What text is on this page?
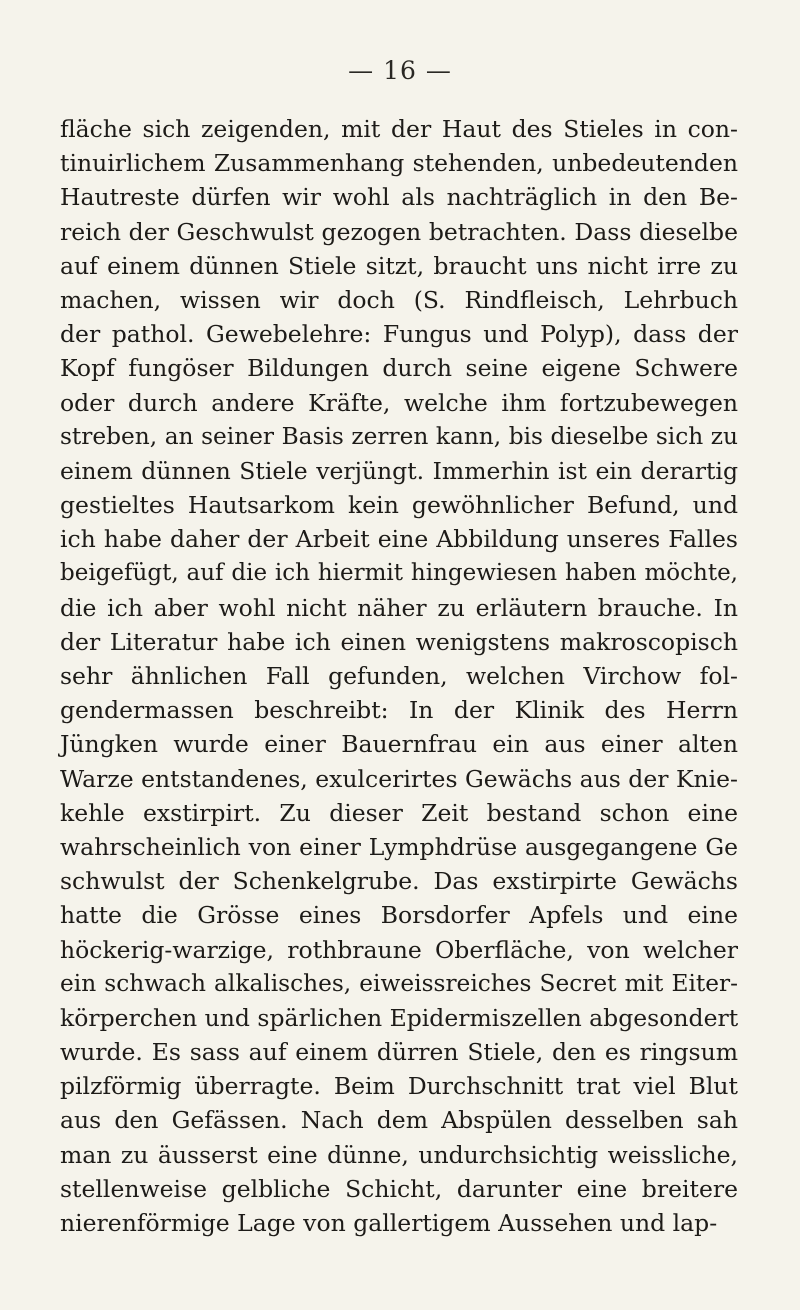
— 16 —
fläche sich zeigenden, mit der Haut des Stieles in con-
tinuirlichem Zusammenhang stehenden, unbedeutenden
Hautreste dürfen wir wohl als nachträglich in den Be-
reich der Geschwulst gezogen betrachten. Dass dieselbe
auf einem dünnen Stiele sitzt, braucht uns nicht irre zu
machen, wissen wir doch (S. Rindfleisch, Lehrbuch
der pathol. Gewebelehre: Fungus und Polyp), dass der
Kopf fungöser Bildungen durch seine eigene Schwere
oder durch andere Kräfte, welche ihm fortzubewegen
streben, an seiner Basis zerren kann, bis dieselbe sich zu
einem dünnen Stiele verjüngt. Immerhin ist ein derartig
gestieltes Hautsarkom kein gewöhnlicher Befund, und
ich habe daher der Arbeit eine Abbildung unseres Falles
beigefügt, auf die ich hiermit hingewiesen haben möchte,
die ich aber wohl nicht näher zu erläutern brauche. In
der Literatur habe ich einen wenigstens makroscopisch
sehr ähnlichen Fall gefunden, welchen Virchow fol-
gendermassen beschreibt: In der Klinik des Herrn
Jüngken wurde einer Bauernfrau ein aus einer alten
Warze entstandenes, exulcerirtes Gewächs aus der Knie-
kehle exstirpirt. Zu dieser Zeit bestand schon eine
wahrscheinlich von einer Lymphdrüse ausgegangene Ge
schwulst der Schenkelgrube. Das exstirpirte Gewächs
hatte die Grösse eines Borsdorfer Apfels und eine
höckerig-warzige, rothbraune Oberfläche, von welcher
ein schwach alkalisches, eiweissreiches Secret mit Eiter-
körperchen und spärlichen Epidermiszellen abgesondert
wurde. Es sass auf einem dürren Stiele, den es ringsum
pilzförmig überragte. Beim Durchschnitt trat viel Blut
aus den Gefässen. Nach dem Abspülen desselben sah
man zu äusserst eine dünne, undurchsichtig weissliche,
stellenweise gelbliche Schicht, darunter eine breitere
nierenförmige Lage von gallertigem Aussehen und lap-
